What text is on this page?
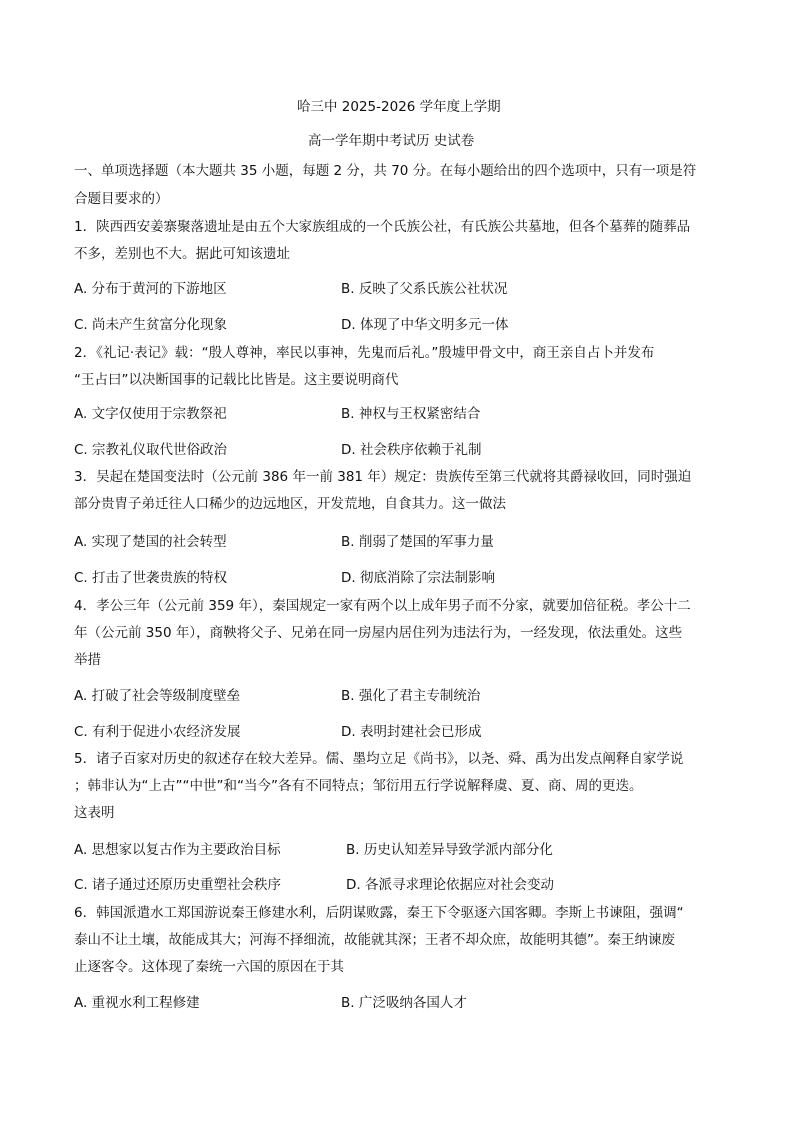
哈三中 2025-2026 学年度上学期
高一学年期中考试历 史试卷
一、单项选择题（本大题共 35 小题，每题 2 分，共 70 分。在每小题给出的四个选项中，只有一项是符
合题目要求的）
1．陕西西安姜寨聚落遗址是由五个大家族组成的一个氏族公社，有氏族公共墓地，但各个墓葬的随葬品
不多，差别也不大。据此可知该遗址
A. 分布于黄河的下游地区	B. 反映了父系氏族公社状况
C. 尚未产生贫富分化现象	D. 体现了中华文明多元一体
2．《礼记·表记》载：“殷人尊神，率民以事神，先鬼而后礼。”殷墟甲骨文中，商王亲自占卜并发布
“王占曰”以决断国事的记载比比皆是。这主要说明商代
A. 文字仅使用于宗教祭祀	B. 神权与王权紧密结合
C. 宗教礼仪取代世俗政治	D. 社会秩序依赖于礼制
3．吴起在楚国变法时（公元前 386 年一前 381 年）规定：贵族传至第三代就将其爵禄收回，同时强迫
部分贵胄子弟迁往人口稀少的边远地区，开发荒地，自食其力。这一做法
A. 实现了楚国的社会转型	B. 削弱了楚国的军事力量
C. 打击了世袭贵族的特权	D. 彻底消除了宗法制影响
4．孝公三年（公元前 359 年），秦国规定一家有两个以上成年男子而不分家，就要加倍征税。孝公十二
年（公元前 350 年），商鞅将父子、兄弟在同一房屋内居住列为违法行为，一经发现，依法重处。这些
举措
A. 打破了社会等级制度壁垒	B. 强化了君主专制统治
C. 有利于促进小农经济发展	D. 表明封建社会已形成
5．诸子百家对历史的叙述存在较大差异。儒、墨均立足《尚书》，以尧、舜、禹为出发点阐释自家学说
；韩非认为“上古”“中世”和“当今”各有不同特点；邹衍用五行学说解释虞、夏、商、周的更迭。
这表明
A. 思想家以复古作为主要政治目标	B. 历史认知差异导致学派内部分化
C. 诸子通过还原历史重塑社会秩序	D. 各派寻求理论依据应对社会变动
6．韩国派遣水工郑国游说秦王修建水利，后阴谋败露，秦王下令驱逐六国客卿。李斯上书谏阻，强调“
泰山不让土壤，故能成其大；河海不择细流，故能就其深；王者不却众庶，故能明其德”。秦王纳谏废
止逐客令。这体现了秦统一六国的原因在于其
A. 重视水利工程修建	B. 广泛吸纳各国人才
